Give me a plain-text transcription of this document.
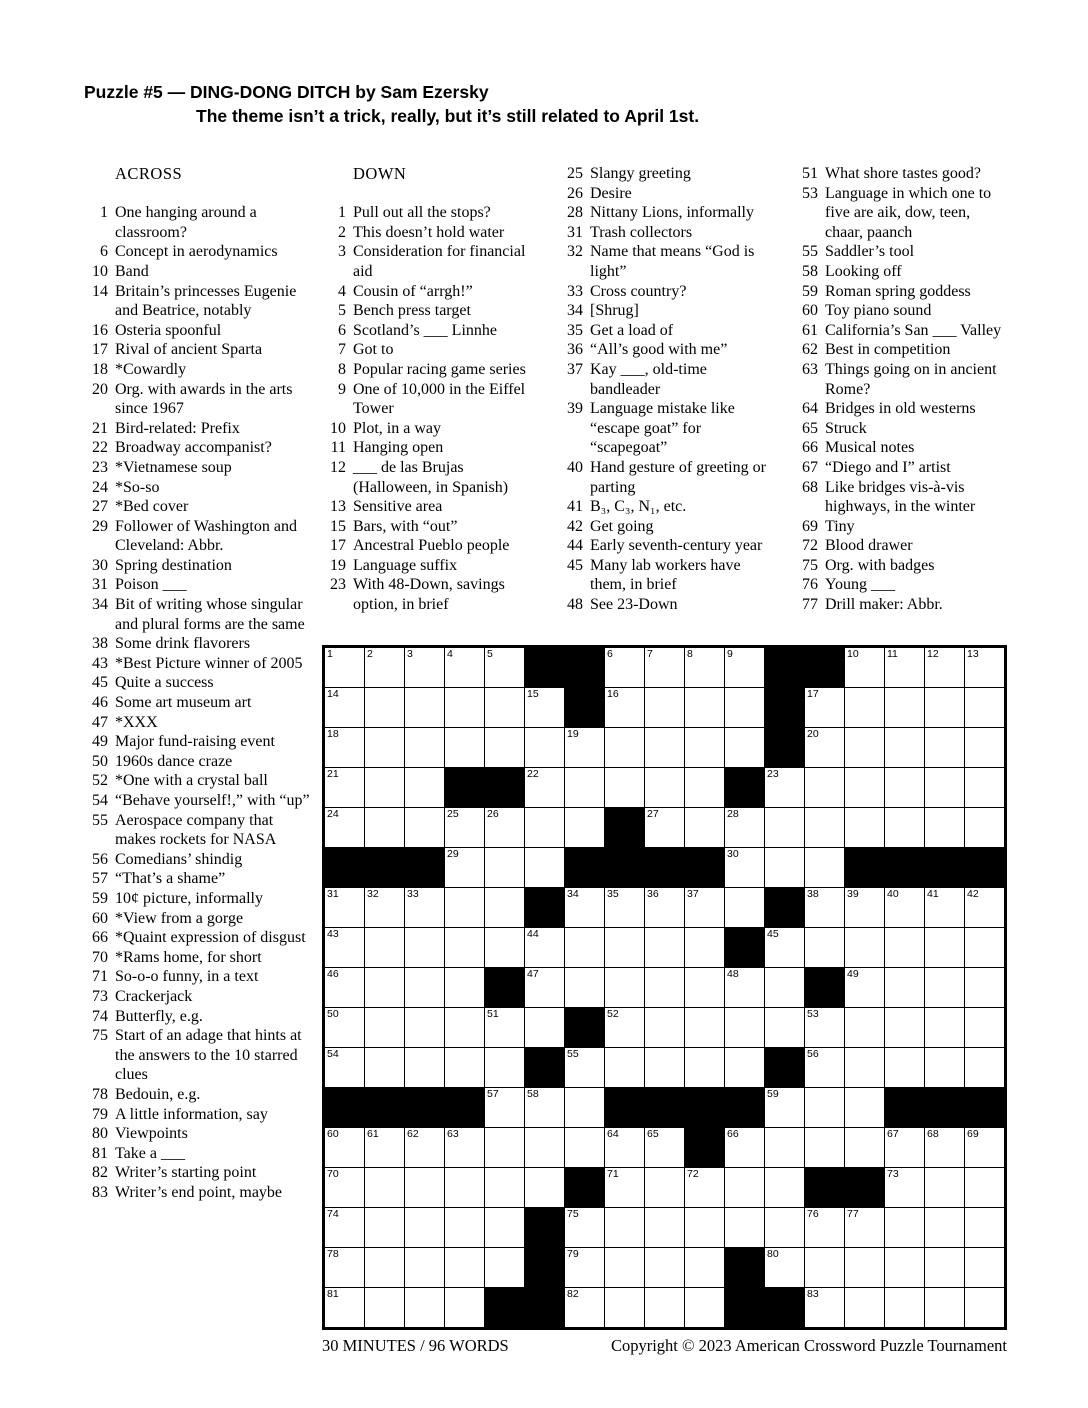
Puzzle #5 — DING-DONG DITCH by Sam Ezersky
The theme isn’t a trick, really, but it’s still related to April 1st.
ACROSS
1 One hanging around a classroom?
6 Concept in aerodynamics
10 Band
14 Britain’s princesses Eugenie and Beatrice, notably
16 Osteria spoonful
17 Rival of ancient Sparta
18 *Cowardly
20 Org. with awards in the arts since 1967
21 Bird-related: Prefix
22 Broadway accompanist?
23 *Vietnamese soup
24 *So-so
27 *Bed cover
29 Follower of Washington and Cleveland: Abbr.
30 Spring destination
31 Poison ___
34 Bit of writing whose singular and plural forms are the same
38 Some drink flavorers
43 *Best Picture winner of 2005
45 Quite a success
46 Some art museum art
47 *XXX
49 Major fund-raising event
50 1960s dance craze
52 *One with a crystal ball
54 “Behave yourself!,” with “up”
55 Aerospace company that makes rockets for NASA
56 Comedians’ shindig
57 “That’s a shame”
59 10¢ picture, informally
60 *View from a gorge
66 *Quaint expression of disgust
70 *Rams home, for short
71 So-o-o funny, in a text
73 Crackerjack
74 Butterfly, e.g.
75 Start of an adage that hints at the answers to the 10 starred clues
78 Bedouin, e.g.
79 A little information, say
80 Viewpoints
81 Take a ___
82 Writer’s starting point
83 Writer’s end point, maybe
DOWN
1 Pull out all the stops?
2 This doesn’t hold water
3 Consideration for financial aid
4 Cousin of “arrgh!”
5 Bench press target
6 Scotland’s ___ Linnhe
7 Got to
8 Popular racing game series
9 One of 10,000 in the Eiffel Tower
10 Plot, in a way
11 Hanging open
12 ___ de las Brujas (Halloween, in Spanish)
13 Sensitive area
15 Bars, with “out”
17 Ancestral Pueblo people
19 Language suffix
23 With 48-Down, savings option, in brief
25 Slangy greeting
26 Desire
28 Nittany Lions, informally
31 Trash collectors
32 Name that means “God is light”
33 Cross country?
34 [Shrug]
35 Get a load of
36 “All’s good with me”
37 Kay ___, old-time bandleader
39 Language mistake like “escape goat” for “scapegoat”
40 Hand gesture of greeting or parting
41 B₃, C₃, N₁, etc.
42 Get going
44 Early seventh-century year
45 Many lab workers have them, in brief
48 See 23-Down
51 What shore tastes good?
53 Language in which one to five are aik, dow, teen, chaar, paanch
55 Saddler’s tool
58 Looking off
59 Roman spring goddess
60 Toy piano sound
61 California’s San ___ Valley
62 Best in competition
63 Things going on in ancient Rome?
64 Bridges in old westerns
65 Struck
66 Musical notes
67 “Diego and I” artist
68 Like bridges vis-à-vis highways, in the winter
69 Tiny
72 Blood drawer
75 Org. with badges
76 Young ___
77 Drill maker: Abbr.
1	2	3	4	5	6	7	8	9	10	11	12	13
14	15	16	17
18	19	20
21	22	23
24	25	26	27	28
29	30
31	32	33	34	35	36	37	38	39	40	41	42
43	44	45
46	47	48	49
50	51	52	53
54	55	56
57	58	59
60	61	62	63	64	65	66	67	68	69
70	71	72	73
74	75	76	77
78	79	80
81	82	83
30 MINUTES / 96 WORDS	Copyright © 2023 American Crossword Puzzle Tournament
